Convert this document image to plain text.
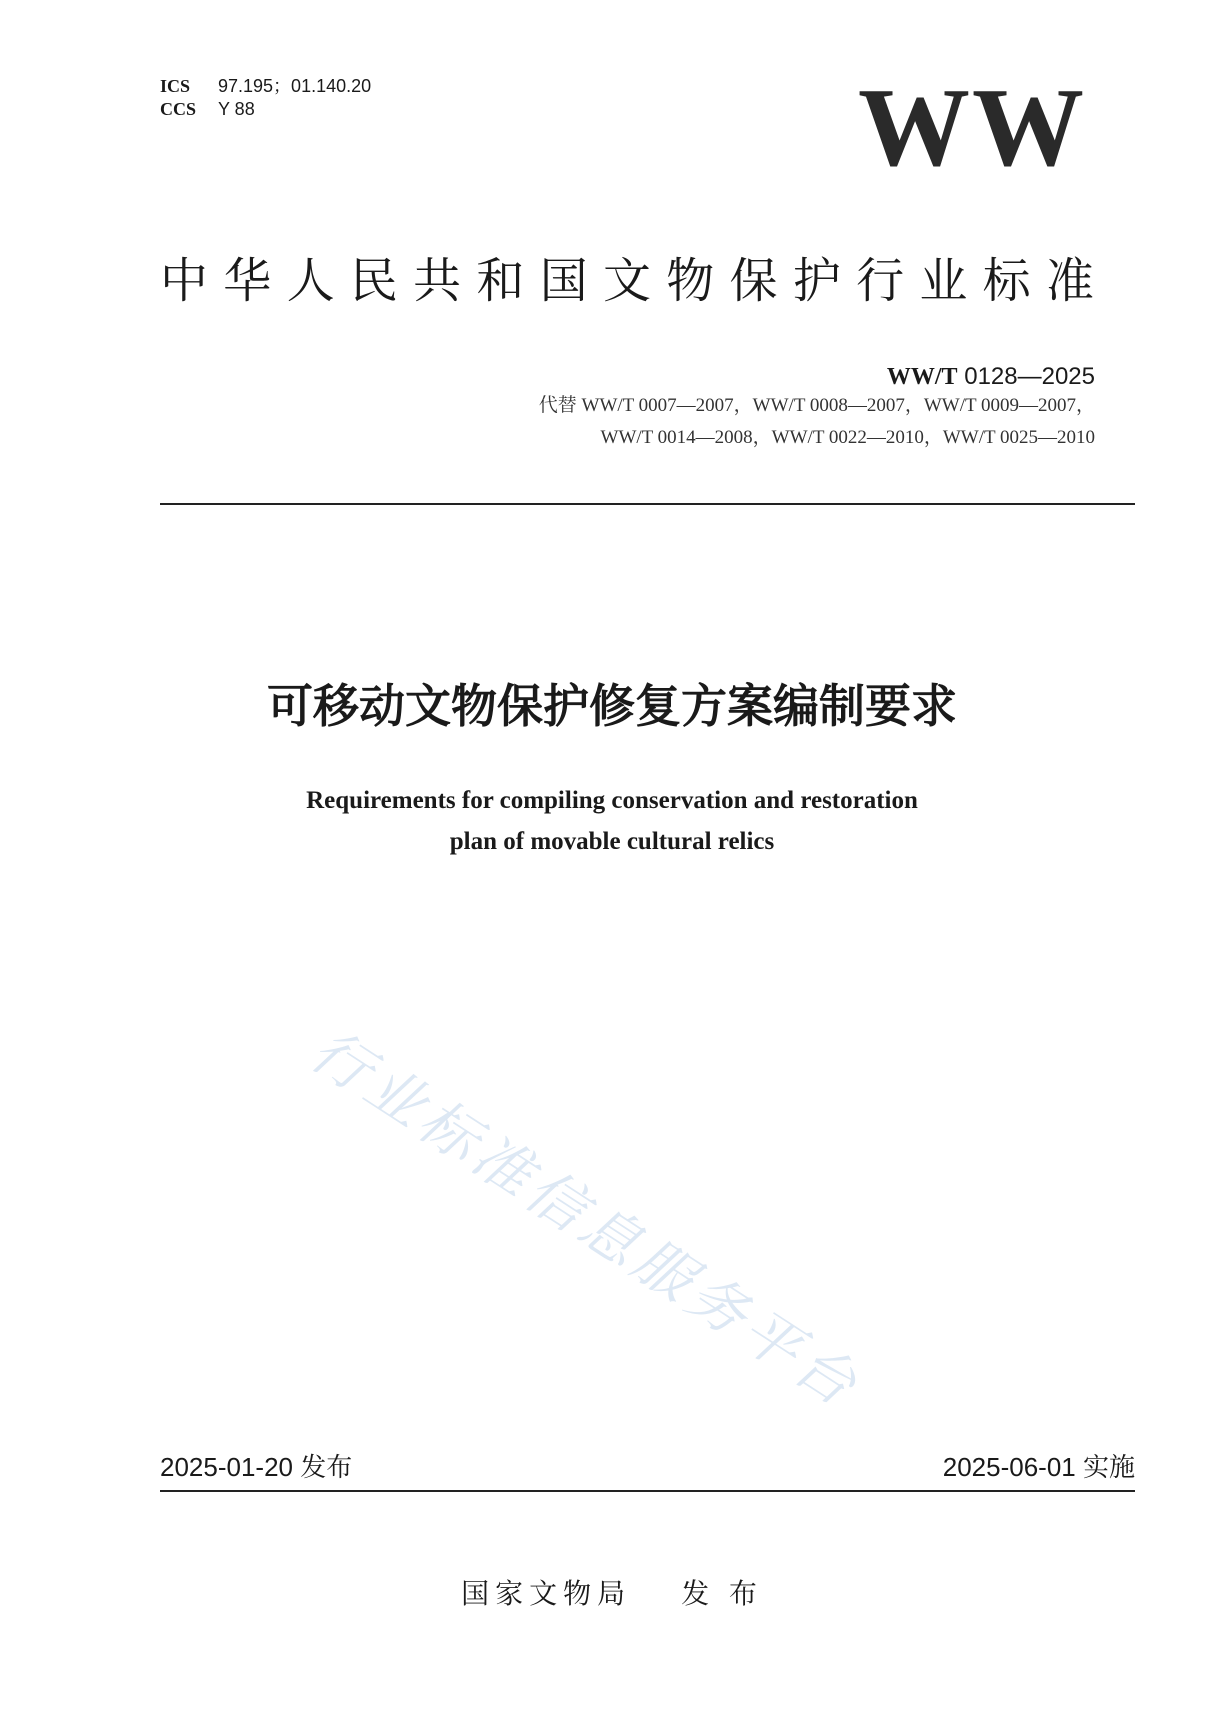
ICS 97.195；01.140.20
CCS Y 88	WW
中 华 人 民 共 和 国 文 物 保 护 行 业 标 准
WW/T 0128—2025
代替 WW/T 0007—2007，WW/T 0008—2007，WW/T 0009—2007，
WW/T 0014—2008，WW/T 0022—2010，WW/T 0025—2010
可移动文物保护修复方案编制要求
Requirements for compiling conservation and restoration
plan of movable cultural relics
行业标准信息服务平台
2025-01-20 发布	2025-06-01 实施
国家文物局 发 布
